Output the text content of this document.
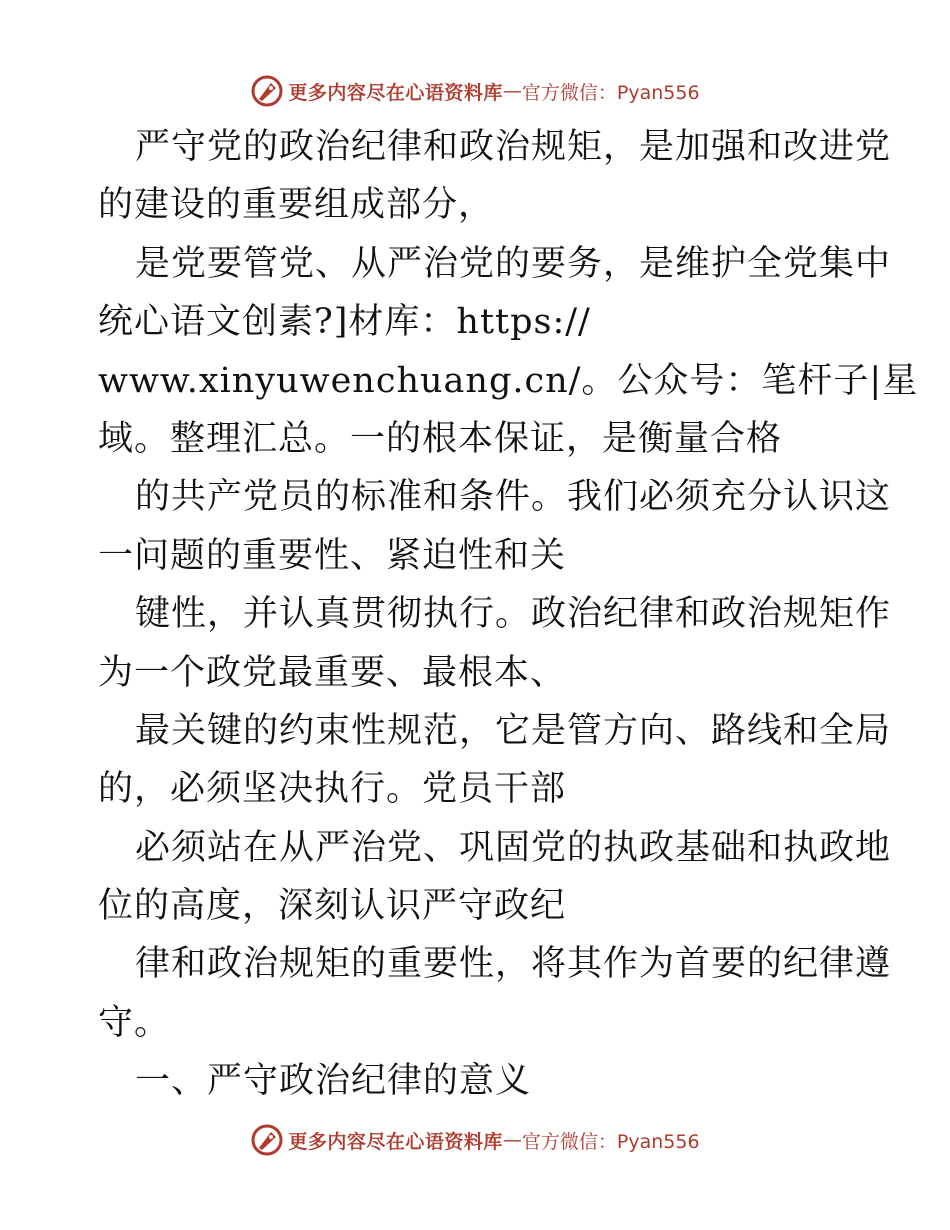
更多内容尽在心语资料库 — 官方微信：Pyan556
严守党的政治纪律和政治规矩，是加强和改进党
的建设的重要组成部分，
是党要管党、从严治党的要务，是维护全党集中
统心语文创素?]材库：https://
www.xinyuwenchuang.cn/。公众号：笔杆子|星
域。整理汇总。一的根本保证，是衡量合格
的共产党员的标准和条件。我们必须充分认识这
一问题的重要性、紧迫性和关
键性，并认真贯彻执行。政治纪律和政治规矩作
为一个政党最重要、最根本、
最关键的约束性规范，它是管方向、路线和全局
的，必须坚决执行。党员干部
必须站在从严治党、巩固党的执政基础和执政地
位的高度，深刻认识严守政纪
律和政治规矩的重要性，将其作为首要的纪律遵
守。
一、严守政治纪律的意义
更多内容尽在心语资料库 — 官方微信：Pyan556
